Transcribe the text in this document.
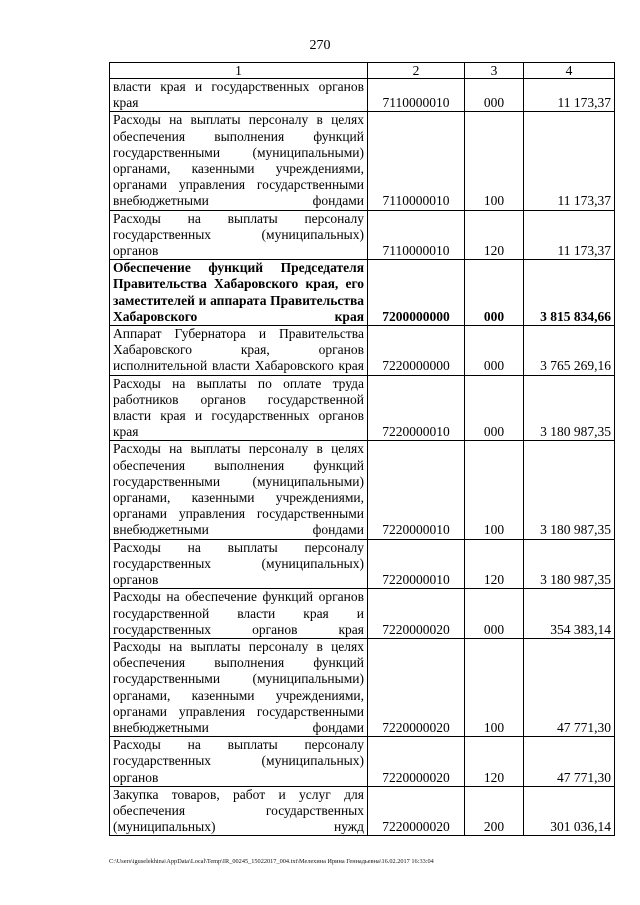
270
1	2	3	4
власти края и государственных органов края	7110000010	000	11 173,37
Расходы на выплаты персоналу в целях обеспечения выполнения функций государственными (муниципальными) органами, казенными учреждениями, органами управления государственными внебюджетными фондами	7110000010	100	11 173,37
Расходы на выплаты персоналу государственных (муниципальных) органов	7110000010	120	11 173,37
Обеспечение функций Председателя Правительства Хабаровского края, его заместителей и аппарата Правительства Хабаровского края	7200000000	000	3 815 834,66
Аппарат Губернатора и Правительства Хабаровского края, органов исполнительной власти Хабаровского края	7220000000	000	3 765 269,16
Расходы на выплаты по оплате труда работников органов государственной власти края и государственных органов края	7220000010	000	3 180 987,35
Расходы на выплаты персоналу в целях обеспечения выполнения функций государственными (муниципальными) органами, казенными учреждениями, органами управления государственными внебюджетными фондами	7220000010	100	3 180 987,35
Расходы на выплаты персоналу государственных (муниципальных) органов	7220000010	120	3 180 987,35
Расходы на обеспечение функций органов государственной власти края и государственных органов края	7220000020	000	354 383,14
Расходы на выплаты персоналу в целях обеспечения выполнения функций государственными (муниципальными) органами, казенными учреждениями, органами управления государственными внебюджетными фондами	7220000020	100	47 771,30
Расходы на выплаты персоналу государственных (муниципальных) органов	7220000020	120	47 771,30
Закупка товаров, работ и услуг для обеспечения государственных (муниципальных) нужд	7220000020	200	301 036,14
C:\Users\iguselekhina\AppData\Local\Temp\IR_00245_15022017_004.txt\Мелехина Ирина Геннадьевна\16.02.2017 16:33:04
